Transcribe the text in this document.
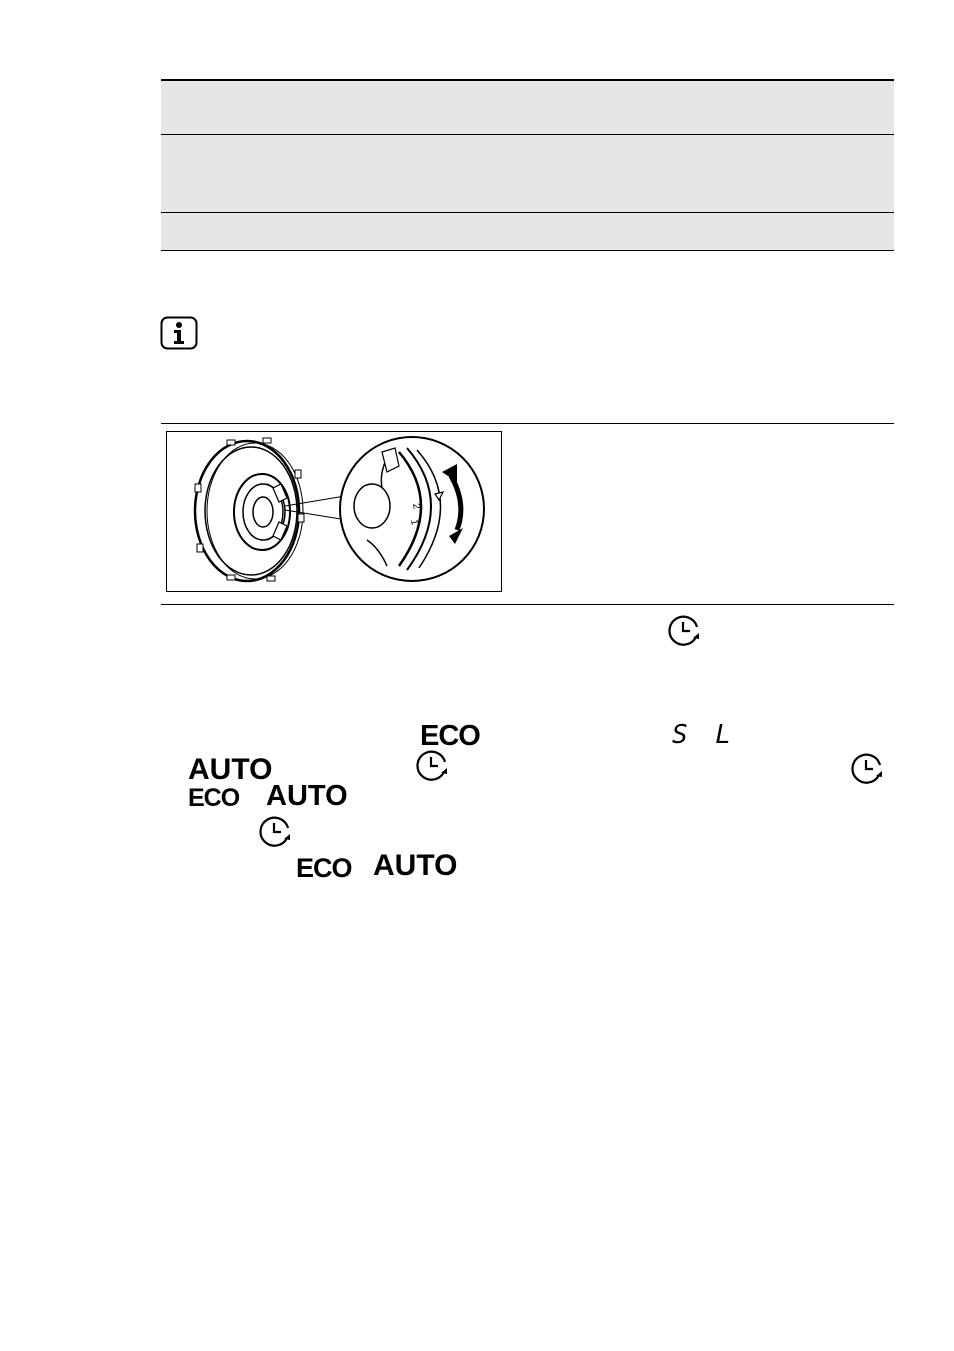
2
1
ECO	S L
AUTO
ECO AUTO
ECO AUTO
